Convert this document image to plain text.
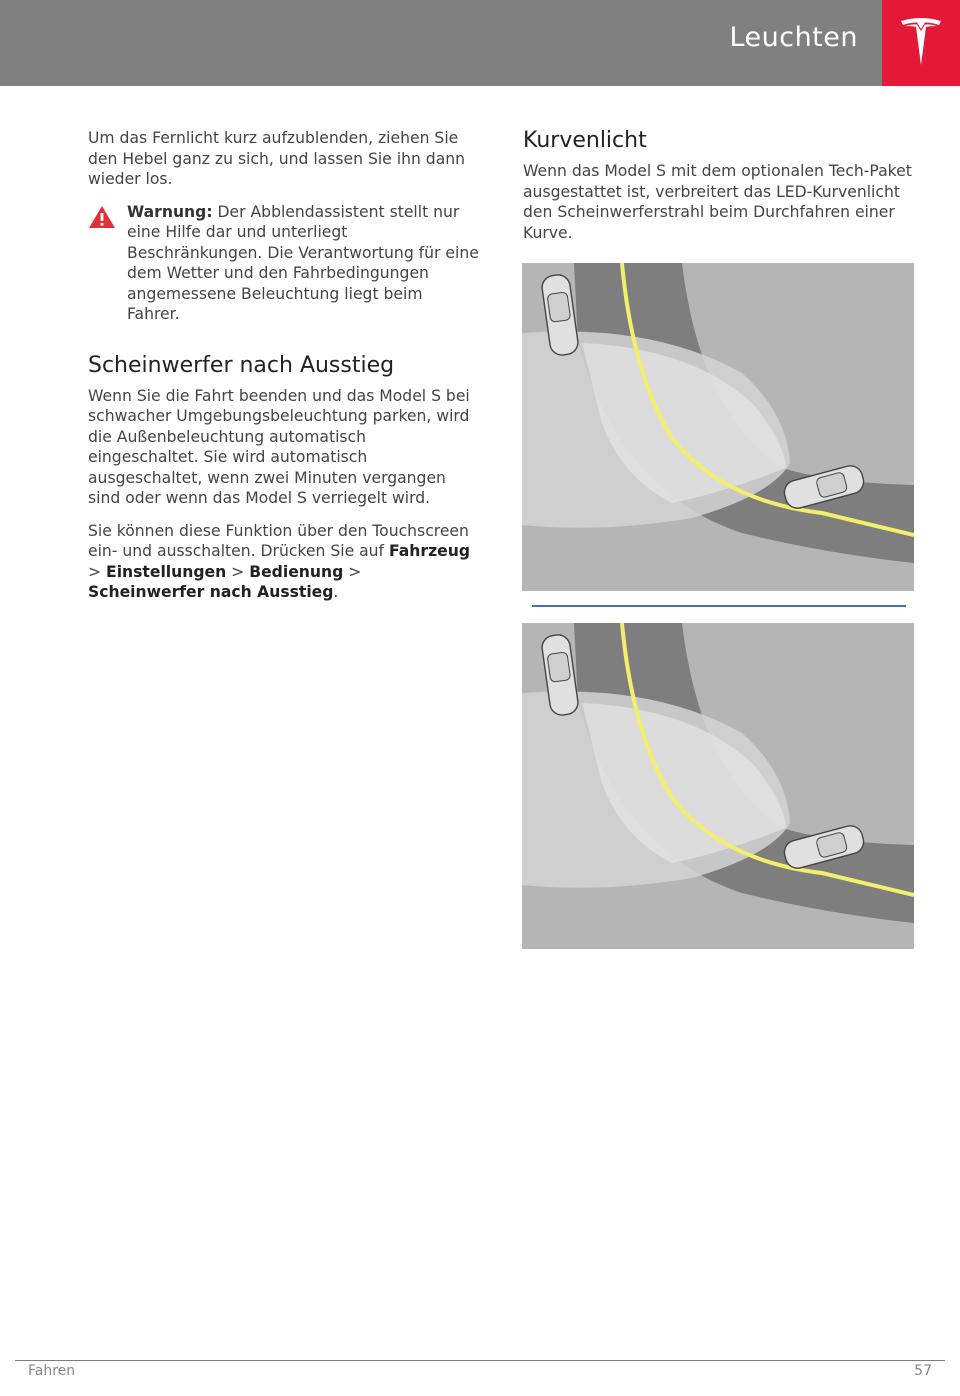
Leuchten

Um das Fernlicht kurz aufzublenden, ziehen Sie den Hebel ganz zu sich, und lassen Sie ihn dann wieder los.

Warnung: Der Abblendassistent stellt nur eine Hilfe dar und unterliegt Beschränkungen. Die Verantwortung für eine dem Wetter und den Fahrbedingungen angemessene Beleuchtung liegt beim Fahrer.

Scheinwerfer nach Ausstieg

Wenn Sie die Fahrt beenden und das Model S bei schwacher Umgebungsbeleuchtung parken, wird die Außenbeleuchtung automatisch eingeschaltet. Sie wird automatisch ausgeschaltet, wenn zwei Minuten vergangen sind oder wenn das Model S verriegelt wird.

Sie können diese Funktion über den Touchscreen ein- und ausschalten. Drücken Sie auf Fahrzeug > Einstellungen > Bedienung > Scheinwerfer nach Ausstieg.

Kurvenlicht

Wenn das Model S mit dem optionalen Tech-Paket ausgestattet ist, verbreitert das LED-Kurvenlicht den Scheinwerferstrahl beim Durchfahren einer Kurve.

Fahren	57
